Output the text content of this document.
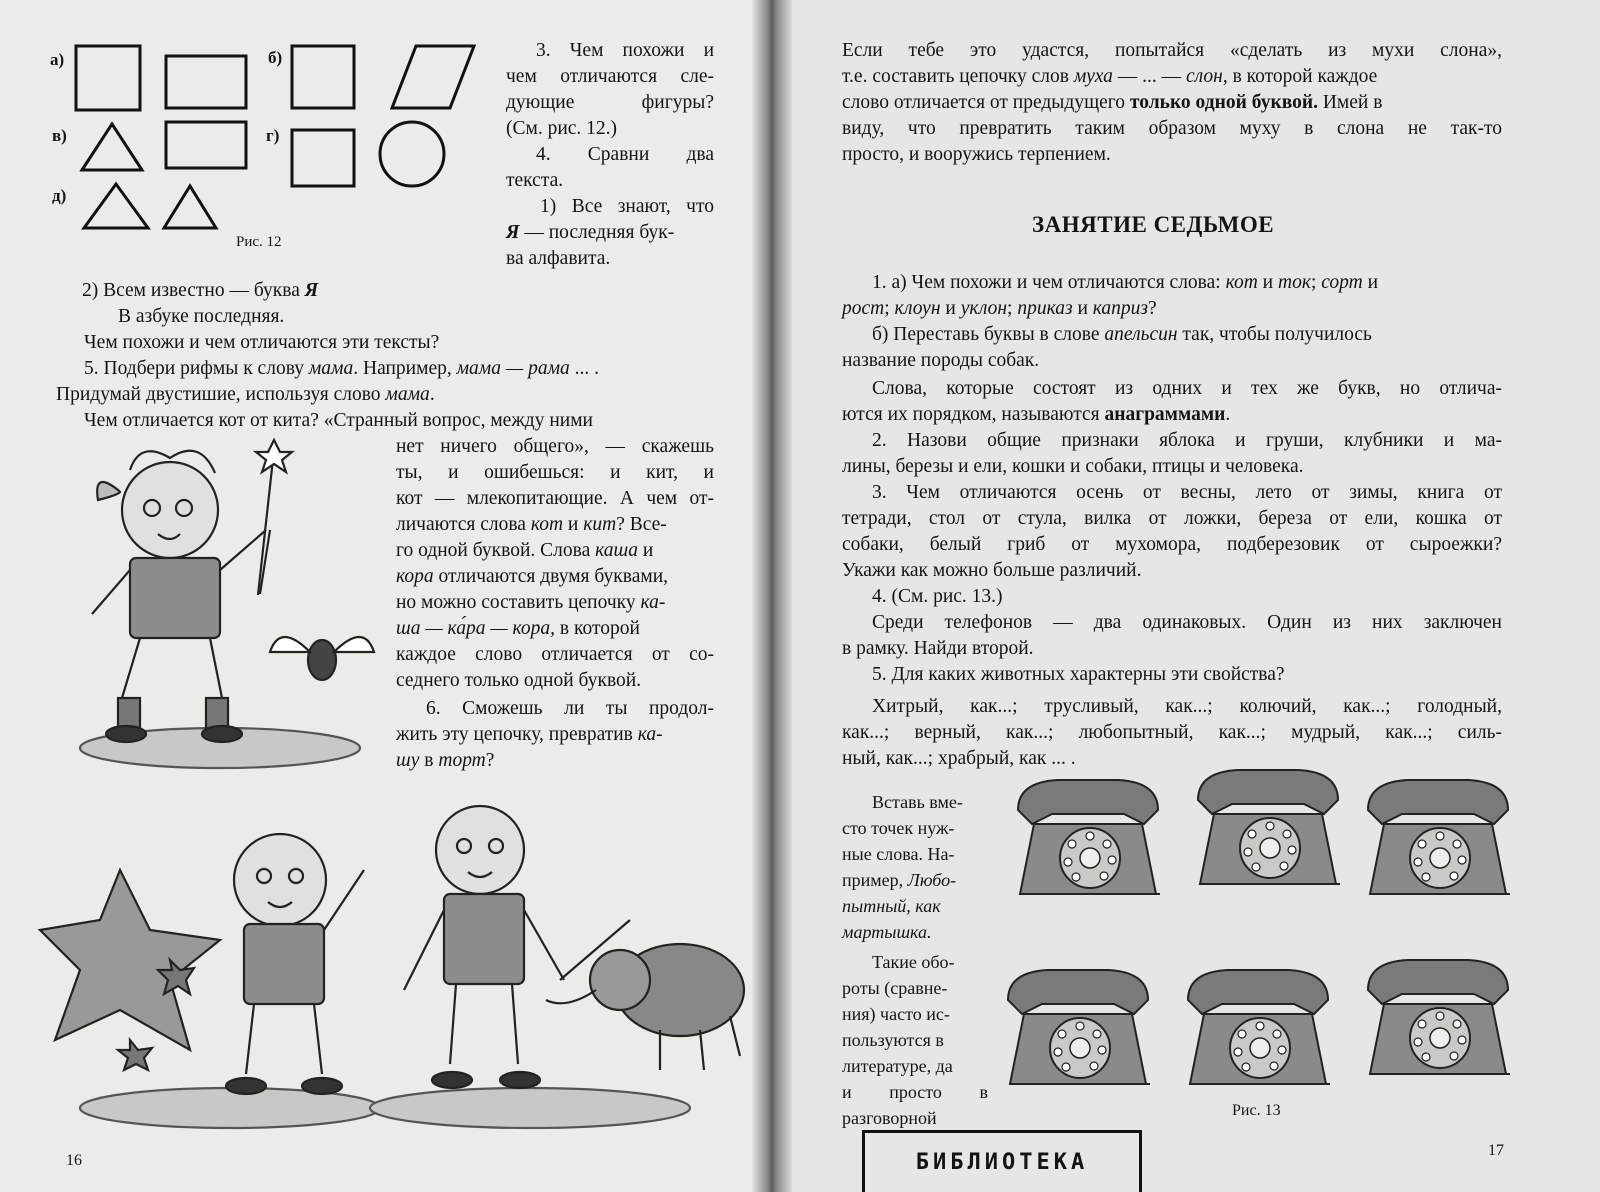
а)	б)
в)	г)
д)
Рис. 12
3. Чем похожи и
чем отличаются сле-
дующие фигуры?
(См. рис. 12.)
4. Сравни два
текста.
1) Все знают, что
Я — последняя бук-
ва алфавита.
2) Всем известно — буква Я
В азбуке последняя.
Чем похожи и чем отличаются эти тексты?
5. Подбери рифмы к слову мама. Например, мама — рама ... .
Придумай двустишие, используя слово мама.
Чем отличается кот от кита? «Странный вопрос, между ними
нет ничего общего», — скажешь
ты, и ошибешься: и кит, и
кот — млекопитающие. А чем от-
личаются слова кот и кит? Все-
го одной буквой. Слова каша и
кора отличаются двумя буквами,
но можно составить цепочку ка-
ша — ка́ра — кора, в которой
каждое слово отличается от со-
седнего только одной буквой.
6. Сможешь ли ты продол-
жить эту цепочку, превратив ка-
шу в торт?
16
Если тебе это удастся, попытайся «сделать из мухи слона»,
т.е. составить цепочку слов муха — ... — слон, в которой каждое
слово отличается от предыдущего только одной буквой. Имей в
виду, что превратить таким образом муху в слона не так-то
просто, и вооружись терпением.
ЗАНЯТИЕ СЕДЬМОЕ
1. а) Чем похожи и чем отличаются слова: кот и ток; сорт и
рост; клоун и уклон; приказ и каприз?
б) Переставь буквы в слове апельсин так, чтобы получилось
название породы собак.
Слова, которые состоят из одних и тех же букв, но отлича-
ются их порядком, называются анаграммами.
2. Назови общие признаки яблока и груши, клубники и ма-
лины, березы и ели, кошки и собаки, птицы и человека.
3. Чем отличаются осень от весны, лето от зимы, книга от
тетради, стол от стула, вилка от ложки, береза от ели, кошка от
собаки, белый гриб от мухомора, подберезовик от сыроежки?
Укажи как можно больше различий.
4. (См. рис. 13.)
Среди телефонов — два одинаковых. Один из них заключен
в рамку. Найди второй.
5. Для каких животных характерны эти свойства?
Хитрый, как...; трусливый, как...; колючий, как...; голодный,
как...; верный, как...; любопытный, как...; мудрый, как...; силь-
ный, как...; храбрый, как ... .
Вставь вме-
сто точек нуж-
ные слова. На-
пример, Любо-
пытный, как
мартышка.
Такие обо-
роты (сравне-
ния) часто ис-
пользуются в
литературе, да
и просто в
разговорной	Рис. 13
БИБЛИОТЕКА	17
